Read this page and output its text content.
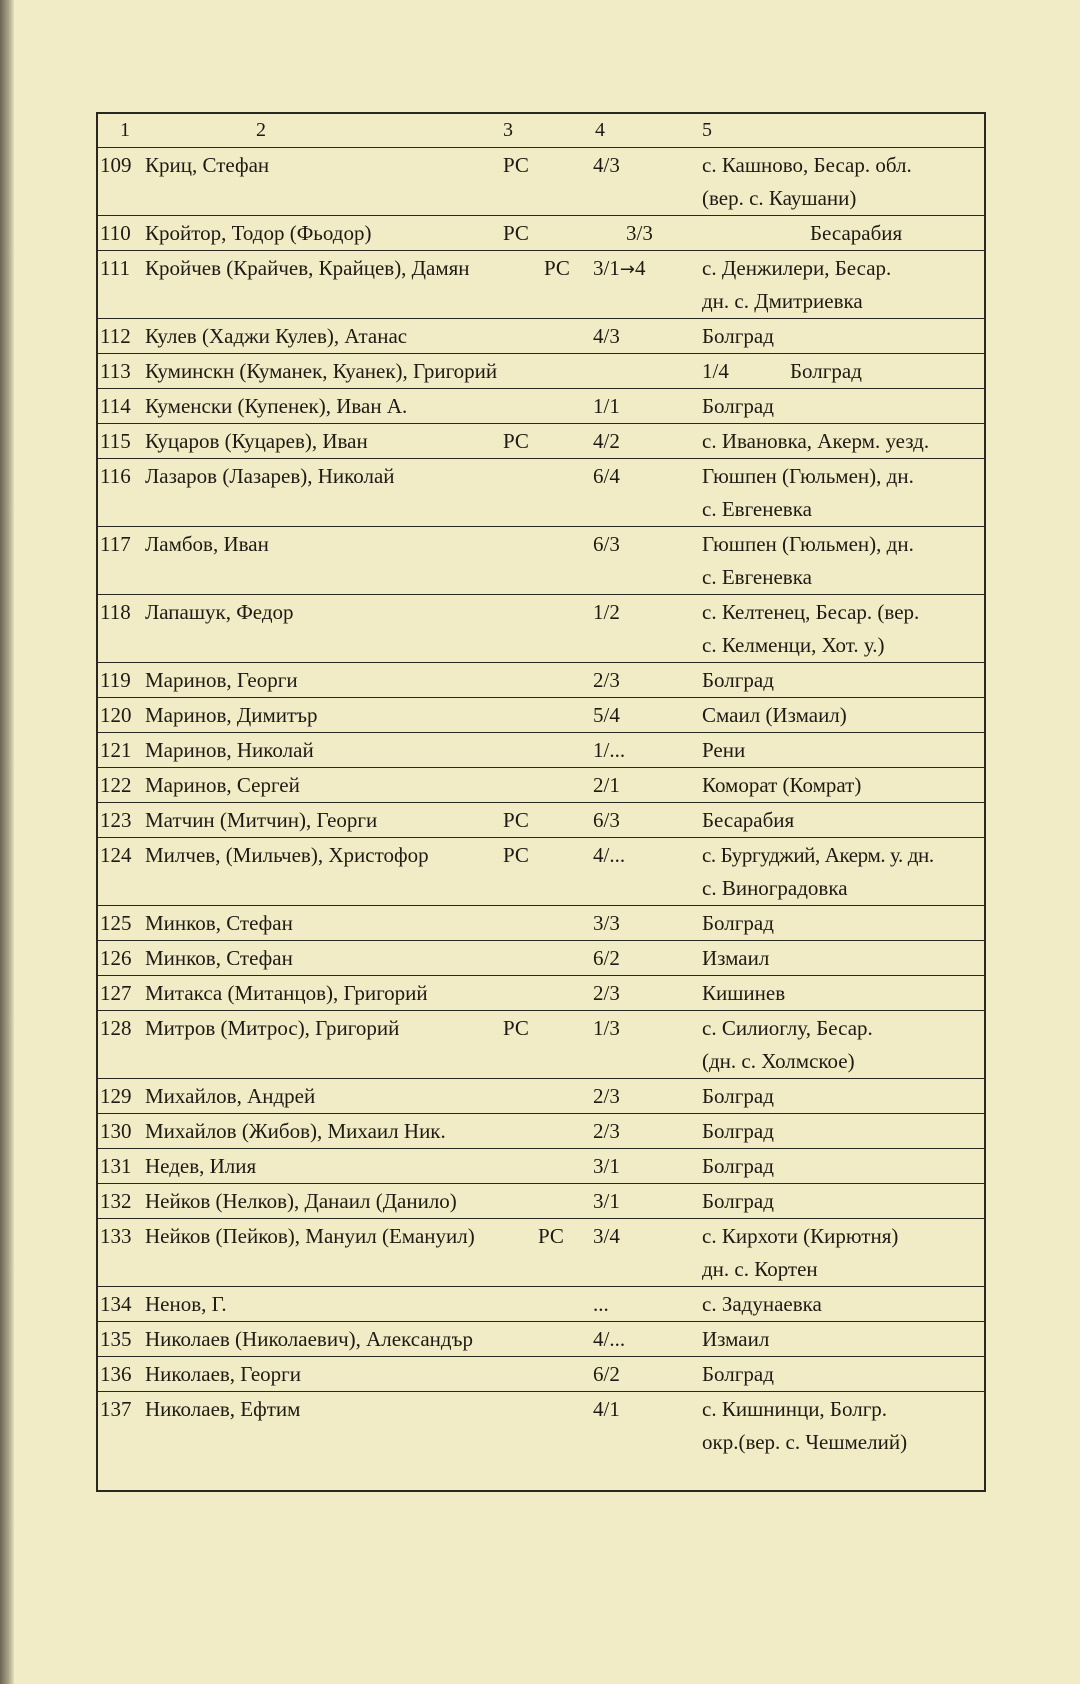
1	2	3	4	5
109 Криц, Стефан	РС	4/3	с. Кашново, Бесар. обл.
(вер. с. Каушани)
110 Кройтор, Тодор (Фьодор)	РС	3/3	Бесарабия
111 Кройчев (Крайчев, Крайцев), Дамян	РС 3/1→4	с. Денжилери, Бесар.
дн. с. Дмитриевка
112 Кулев (Хаджи Кулев), Атанас	4/3	Болград
113 Куминскн (Куманек, Куанек), Григорий	1/4	Болград
114 Куменски (Купенек), Иван А.	1/1	Болград
115 Куцаров (Куцарев), Иван	РС	4/2	с. Ивановка, Акерм. уезд.
116 Лазаров (Лазарев), Николай	6/4	Гюшпен (Гюльмен), дн.
с. Евгеневка
117 Ламбов, Иван	6/3	Гюшпен (Гюльмен), дн.
с. Евгеневка
118 Лапашук, Федор	1/2	с. Келтенец, Бесар. (вер.
с. Келменци, Хот. у.)
119 Маринов, Георги	2/3	Болград
120 Маринов, Димитър	5/4	Смаил (Измаил)
121 Маринов, Николай	1/...	Рени
122 Маринов, Сергей	2/1	Коморат (Комрат)
123 Матчин (Митчин), Георги	РС	6/3	Бесарабия
124 Милчев, (Мильчев), Христофор	РС	4/...	с. Бургуджий, Акерм. у. дн.
с. Виноградовка
125 Минков, Стефан	3/3	Болград
126 Минков, Стефан	6/2	Измаил
127 Митакса (Митанцов), Григорий	2/3	Кишинев
128 Митров (Митрос), Григорий	РС	1/3	с. Силиоглу, Бесар.
(дн. с. Холмское)
129 Михайлов, Андрей	2/3	Болград
130 Михайлов (Жибов), Михаил Ник.	2/3	Болград
131 Недев, Илия	3/1	Болград
132 Нейков (Нелков), Данаил (Данило)	3/1	Болград
133 Нейков (Пейков), Мануил (Емануил)	РС 3/4	с. Кирхоти (Кирютня)
дн. с. Кортен
134 Ненов, Г.	...	с. Задунаевка
135 Николаев (Николаевич), Александър	4/...	Измаил
136 Николаев, Георги	6/2	Болград
137 Николаев, Ефтим	4/1	с. Кишнинци, Болгр.
окр.(вер. с. Чешмелий)
